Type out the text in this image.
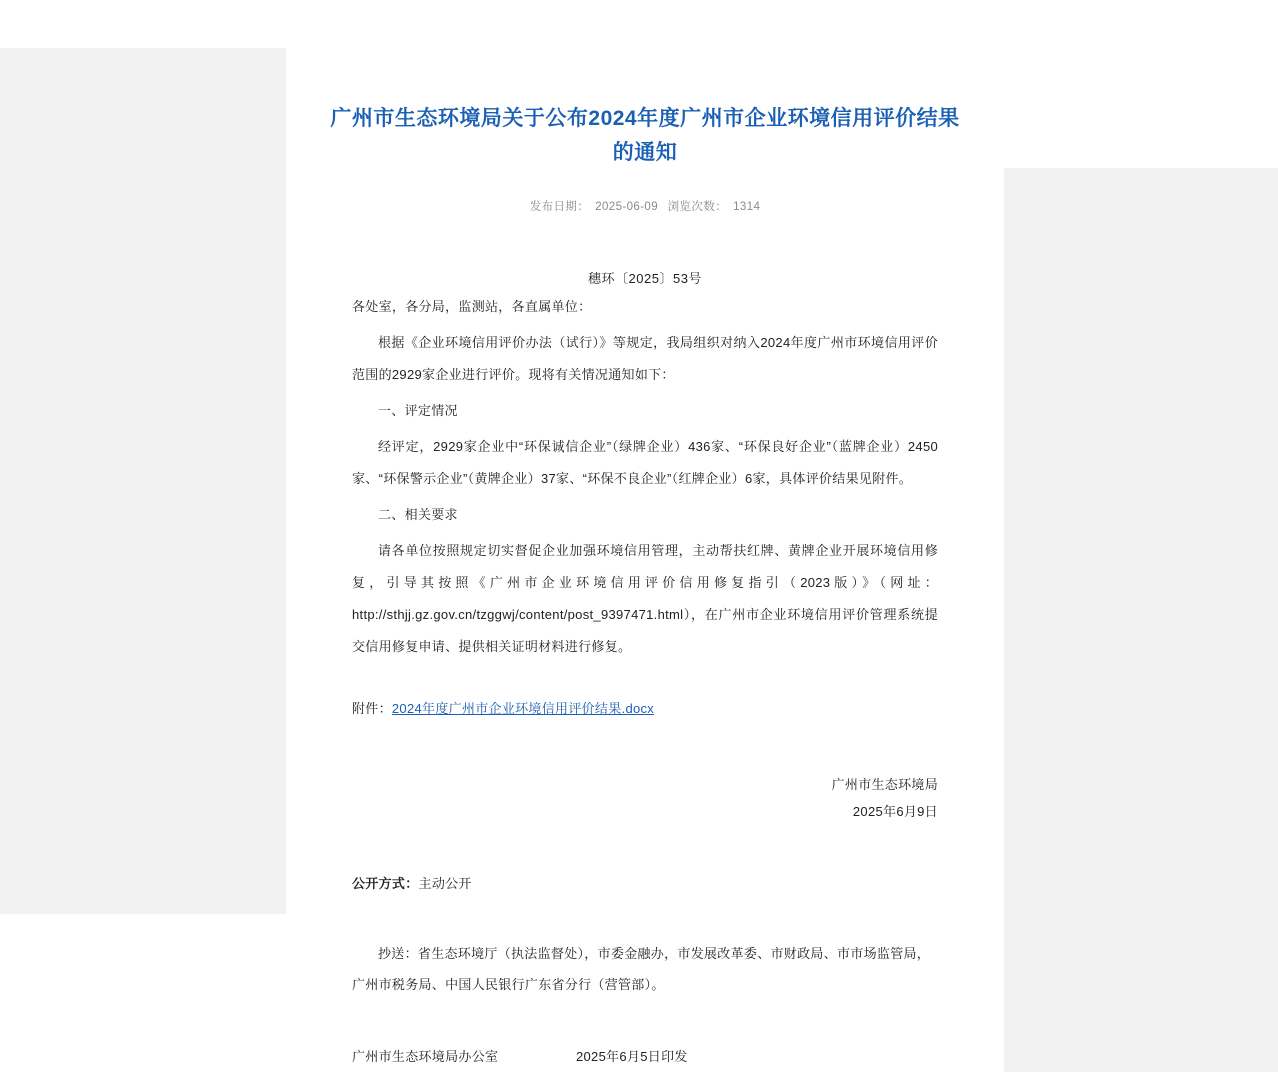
广州市生态环境局关于公布2024年度广州市企业环境信用评价结果的通知
发布日期： 2025-06-09 浏览次数： 1314
穗环〔2025〕53号

各处室，各分局，监测站，各直属单位：

根据《企业环境信用评价办法（试行）》等规定，我局组织对纳入2024年度广州市环境信用评价范围的2929家企业进行评价。现将有关情况通知如下：

一、评定情况

经评定，2929家企业中“环保诚信企业”（绿牌企业）436家、“环保良好企业”（蓝牌企业）2450家、“环保警示企业”（黄牌企业）37家、“环保不良企业”（红牌企业）6家，具体评价结果见附件。

二、相关要求

请各单位按照规定切实督促企业加强环境信用管理，主动帮扶红牌、黄牌企业开展环境信用修复，引导其按照《广州市企业环境信用评价信用修复指引（2023版）》（网址：http://sthjj.gz.gov.cn/tzggwj/content/post_9397471.html），在广州市企业环境信用评价管理系统提交信用修复申请、提供相关证明材料进行修复。

附件：2024年度广州市企业环境信用评价结果.docx
广州市生态环境局
2025年6月9日
公开方式：主动公开
抄送：省生态环境厅（执法监督处），市委金融办，市发展改革委、市财政局、市市场监管局，广州市税务局、中国人民银行广东省分行（营管部）。
广州市生态环境局办公室	2025年6月5日印发
